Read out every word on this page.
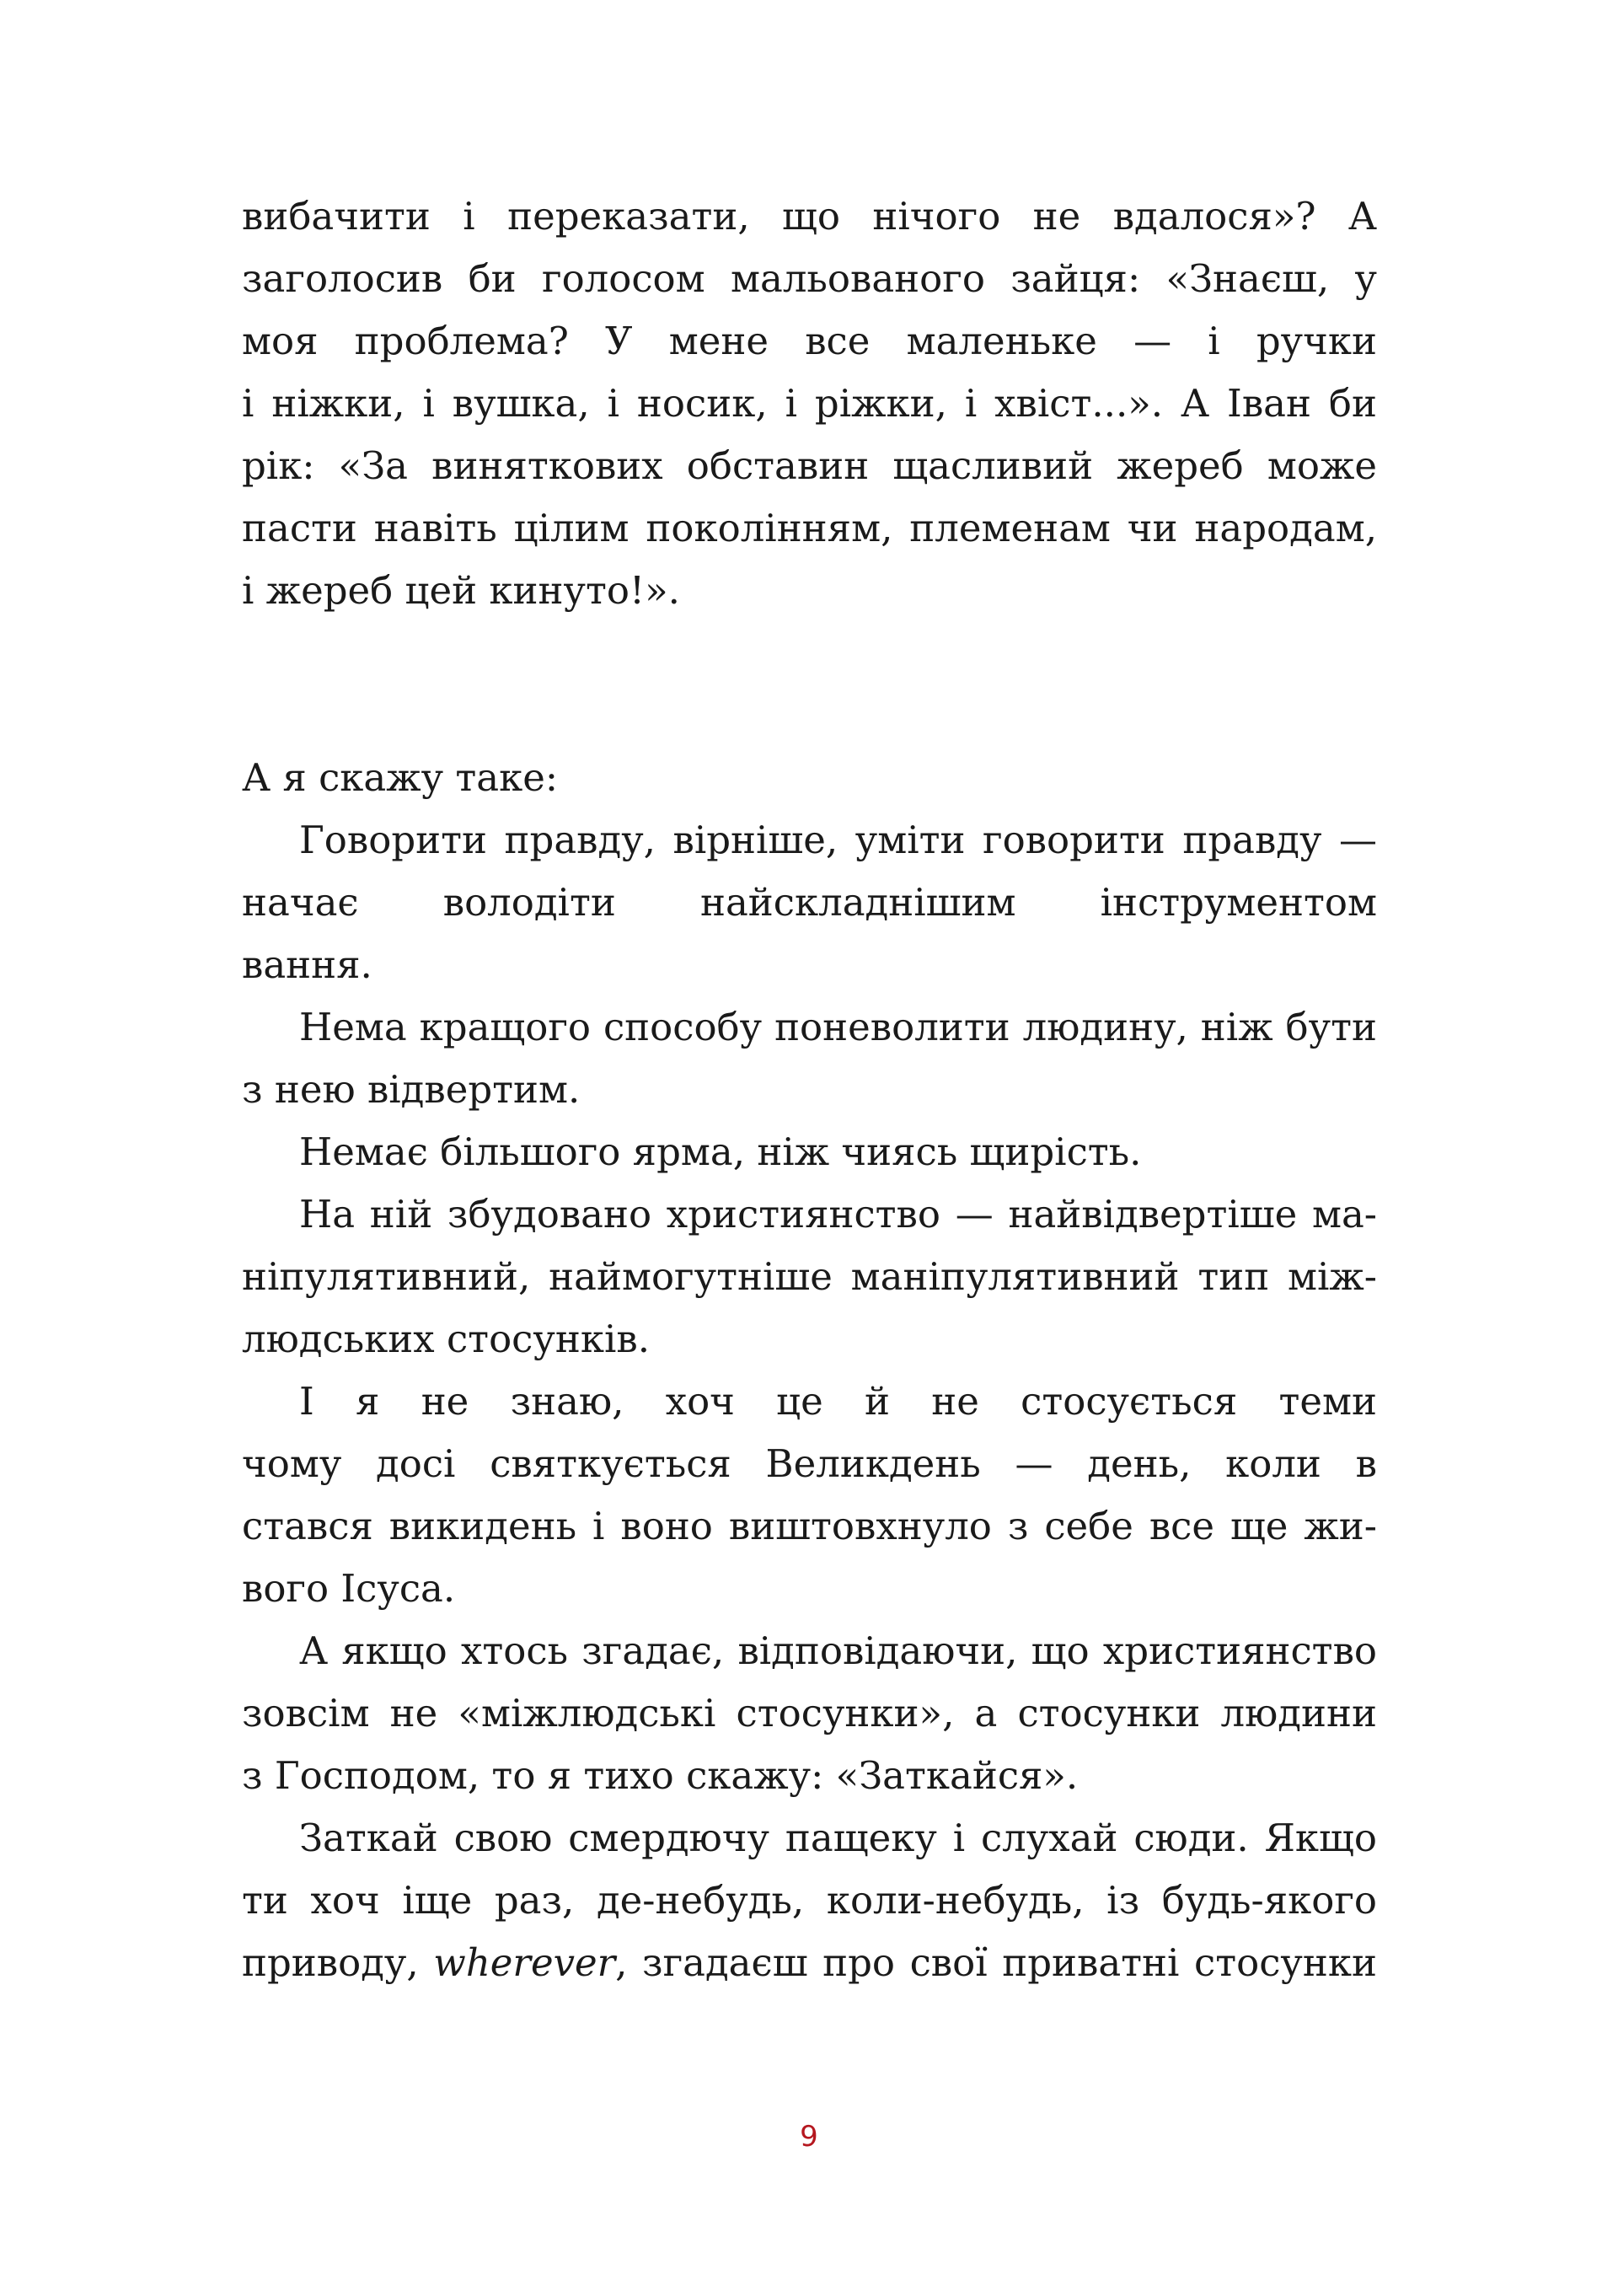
вибачити і переказати, що нічого не вдалося»? А
заголосив би голосом мальованого зайця: «Знаєш, у
моя проблема? У мене все маленьке — і ручки
і ніжки, і вушка, і носик, і ріжки, і хвіст...». А Іван би
рік: «За виняткових обставин щасливий жереб може
пасти навіть цілим поколінням, племенам чи народам,
і жереб цей кинуто!».
А я скажу таке:
Говорити правду, вірніше, уміти говорити правду —
начає володіти найскладнішим інструментом
вання.
Нема кращого способу поневолити людину, ніж бути
з нею відвертим.
Немає більшого ярма, ніж чиясь щирість.
На ній збудовано християнство — найвідвертіше ма-
ніпулятивний, наймогутніше маніпулятивний тип між-
людських стосунків.
І я не знаю, хоч це й не стосується теми
чому досі святкується Великдень — день, коли в
стався викидень і воно виштовхнуло з себе все ще жи-
вого Ісуса.
А якщо хтось згадає, відповідаючи, що християнство
зовсім не «міжлюдські стосунки», а стосунки людини
з Господом, то я тихо скажу: «Заткайся».
Заткай свою смердючу пащеку і слухай сюди. Якщо
ти хоч іще раз, де-небудь, коли-небудь, із будь-якого
приводу, wherever, згадаєш про свої приватні стосунки
9
